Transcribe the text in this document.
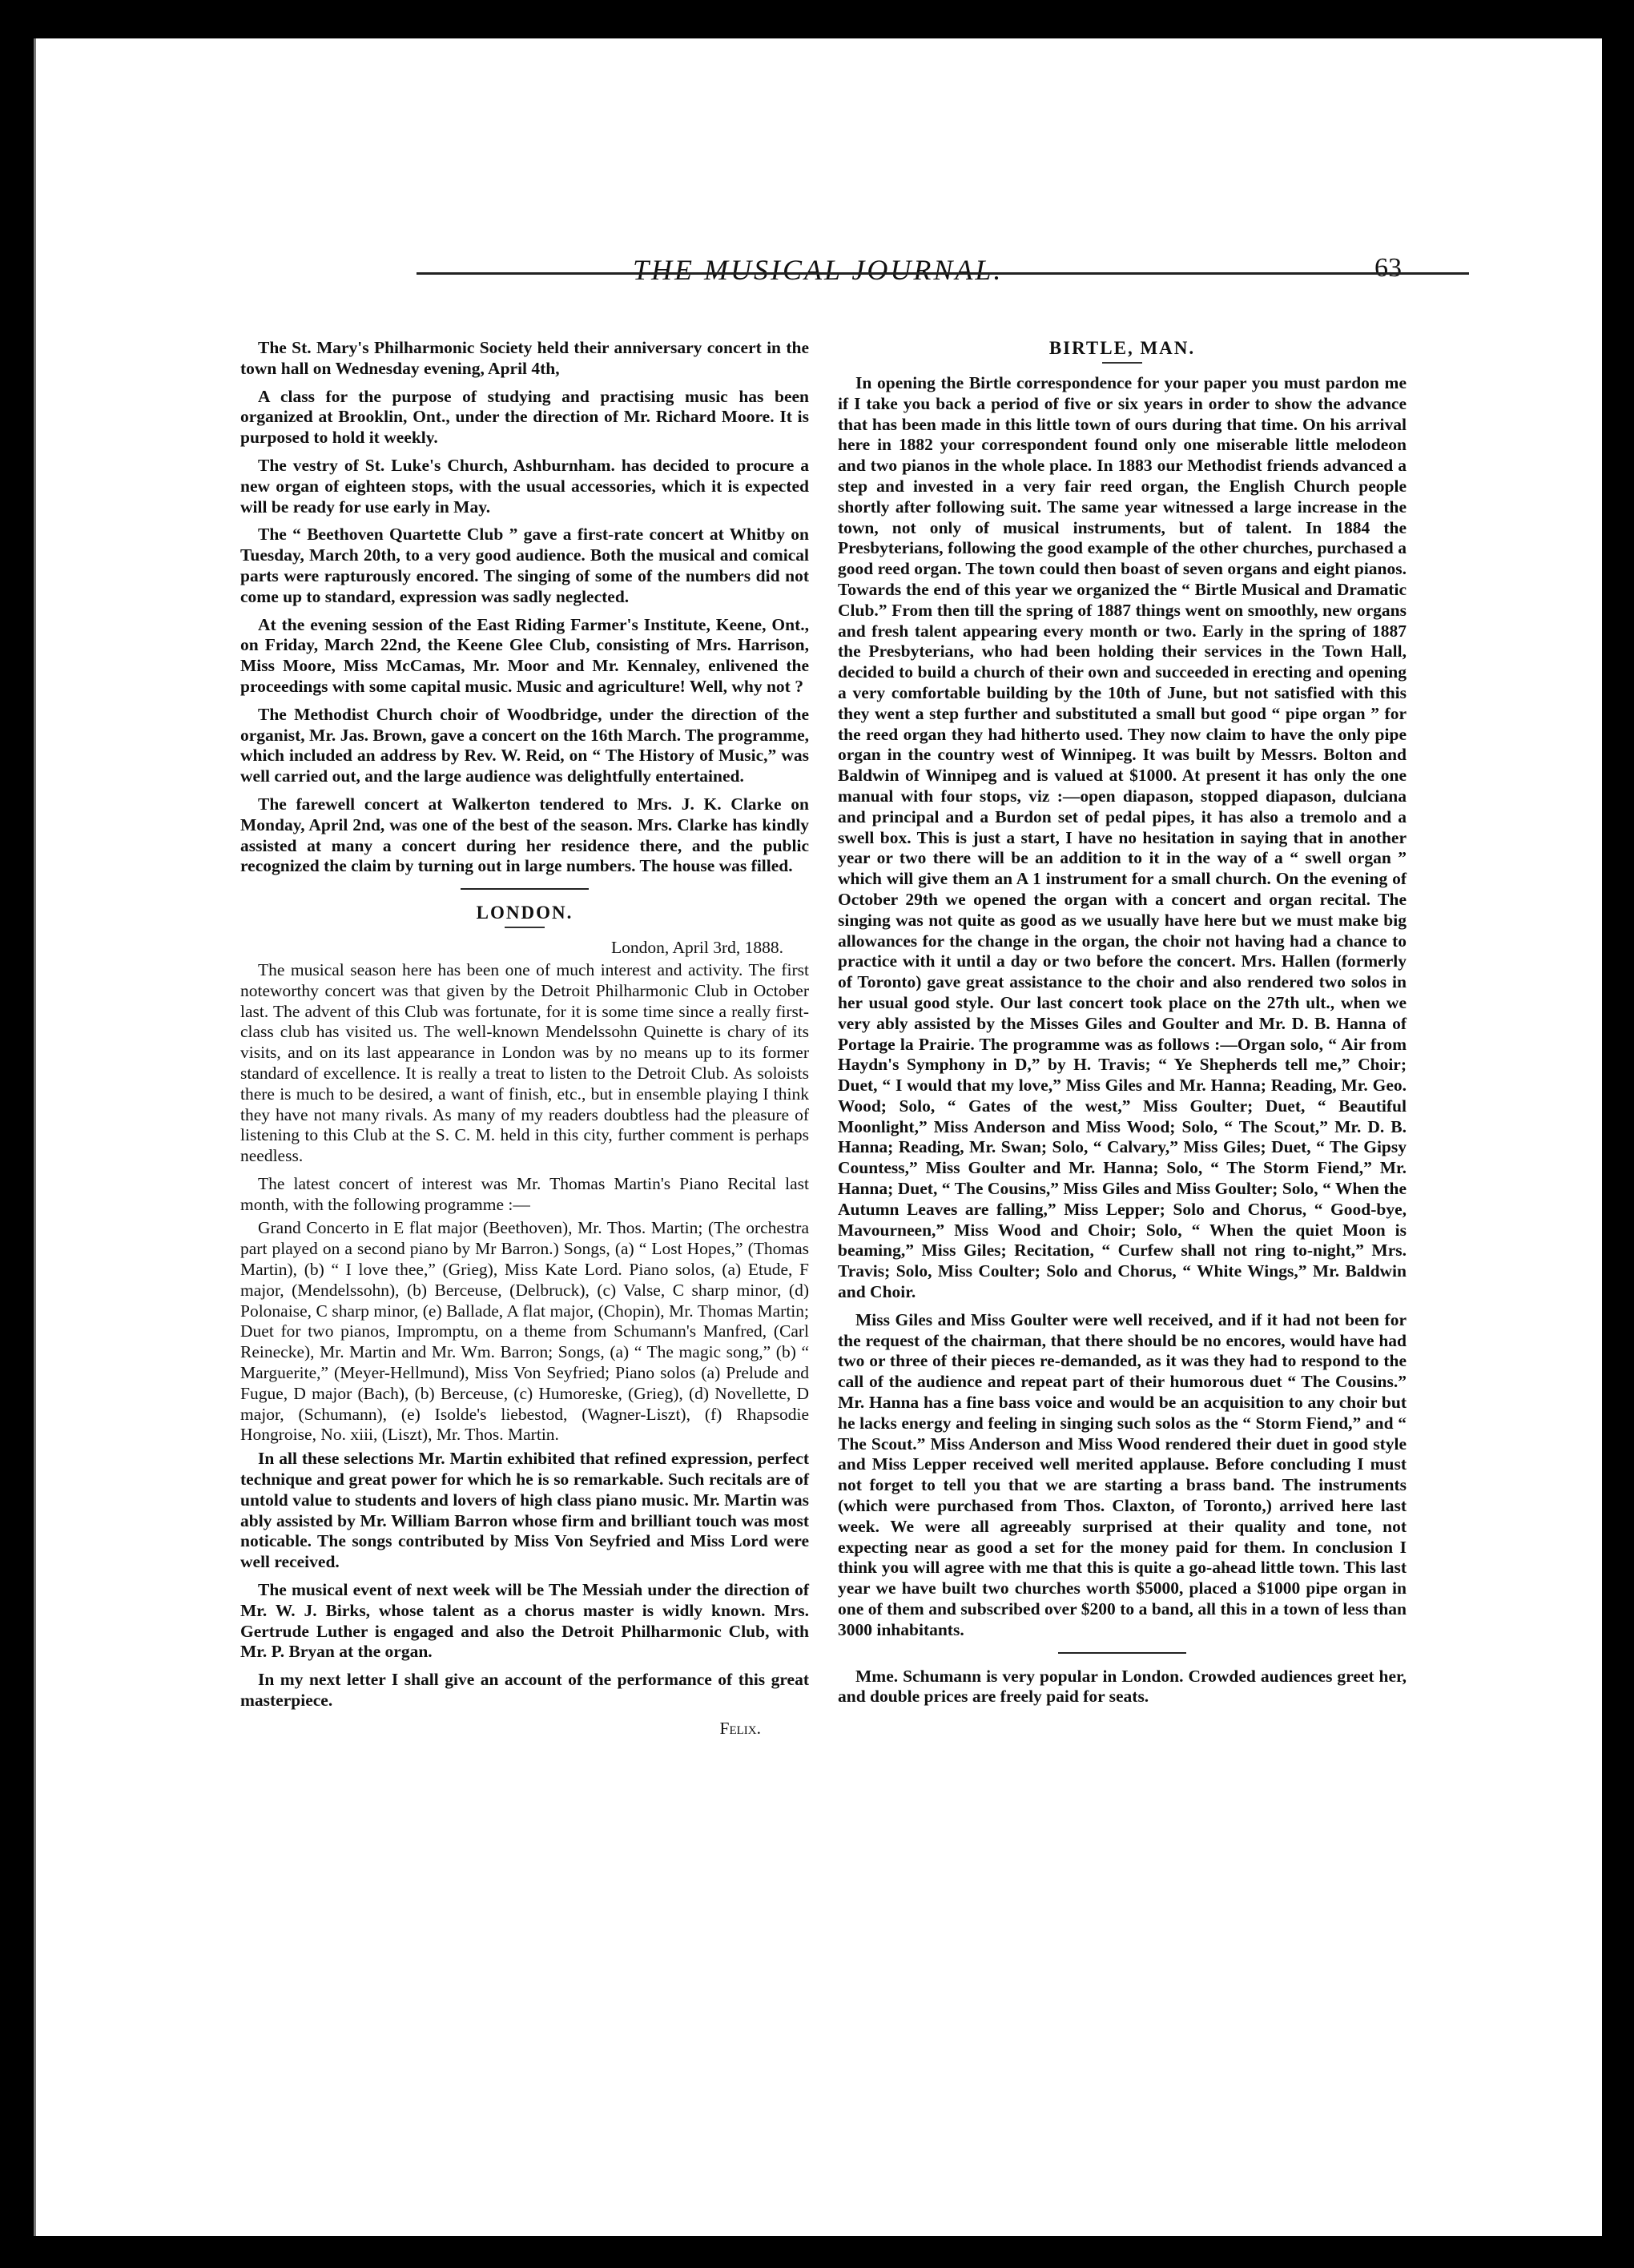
THE MUSICAL JOURNAL.	63

The St. Mary's Philharmonic Society held their anniversary concert in the town hall on Wednesday evening, April 4th,

A class for the purpose of studying and practising music has been organized at Brooklin, Ont., under the direction of Mr. Richard Moore. It is purposed to hold it weekly.

The vestry of St. Luke's Church, Ashburnham. has decided to procure a new organ of eighteen stops, with the usual accessories, which it is expected will be ready for use early in May.

The “ Beethoven Quartette Club ” gave a first-rate concert at Whitby on Tuesday, March 20th, to a very good audience. Both the musical and comical parts were rapturously encored. The singing of some of the numbers did not come up to standard, expression was sadly neglected.

At the evening session of the East Riding Farmer's Institute, Keene, Ont., on Friday, March 22nd, the Keene Glee Club, consisting of Mrs. Harrison, Miss Moore, Miss McCamas, Mr. Moor and Mr. Kennaley, enlivened the proceedings with some capital music. Music and agriculture! Well, why not ?

The Methodist Church choir of Woodbridge, under the direction of the organist, Mr. Jas. Brown, gave a concert on the 16th March. The programme, which included an address by Rev. W. Reid, on “ The History of Music,” was well carried out, and the large audience was delightfully entertained.

The farewell concert at Walkerton tendered to Mrs. J. K. Clarke on Monday, April 2nd, was one of the best of the season. Mrs. Clarke has kindly assisted at many a concert during her residence there, and the public recognized the claim by turning out in large numbers. The house was filled.

LONDON.

London, April 3rd, 1888.

The musical season here has been one of much interest and activity. The first noteworthy concert was that given by the Detroit Philharmonic Club in October last. The advent of this Club was fortunate, for it is some time since a really first-class club has visited us. The well-known Mendelssohn Quinette is chary of its visits, and on its last appearance in London was by no means up to its former standard of excellence. It is really a treat to listen to the Detroit Club. As soloists there is much to be desired, a want of finish, etc., but in ensemble playing I think they have not many rivals. As many of my readers doubtless had the pleasure of listening to this Club at the S. C. M. held in this city, further comment is perhaps needless.

The latest concert of interest was Mr. Thomas Martin's Piano Recital last month, with the following programme :—

Grand Concerto in E flat major (Beethoven), Mr. Thos. Martin; (The orchestra part played on a second piano by Mr Barron.) Songs, (a) “ Lost Hopes,” (Thomas Martin), (b) “ I love thee,” (Grieg), Miss Kate Lord. Piano solos, (a) Etude, F major, (Mendelssohn), (b) Berceuse, (Delbruck), (c) Valse, C sharp minor, (d) Polonaise, C sharp minor, (e) Ballade, A flat major, (Chopin), Mr. Thomas Martin; Duet for two pianos, Impromptu, on a theme from Schumann's Manfred, (Carl Reinecke), Mr. Martin and Mr. Wm. Barron; Songs, (a) “ The magic song,” (b) “ Marguerite,” (Meyer-Hellmund), Miss Von Seyfried; Piano solos (a) Prelude and Fugue, D major (Bach), (b) Berceuse, (c) Humoreske, (Grieg), (d) Novellette, D major, (Schumann), (e) Isolde's liebestod, (Wagner-Liszt), (f) Rhapsodie Hongroise, No. xiii, (Liszt), Mr. Thos. Martin.

In all these selections Mr. Martin exhibited that refined expression, perfect technique and great power for which he is so remarkable. Such recitals are of untold value to students and lovers of high class piano music. Mr. Martin was ably assisted by Mr. William Barron whose firm and brilliant touch was most noticable. The songs contributed by Miss Von Seyfried and Miss Lord were well received.

The musical event of next week will be The Messiah under the direction of Mr. W. J. Birks, whose talent as a chorus master is widly known. Mrs. Gertrude Luther is engaged and also the Detroit Philharmonic Club, with Mr. P. Bryan at the organ.

In my next letter I shall give an account of the performance of this great masterpiece.

Felix.

BIRTLE, MAN.

In opening the Birtle correspondence for your paper you must pardon me if I take you back a period of five or six years in order to show the advance that has been made in this little town of ours during that time. On his arrival here in 1882 your correspondent found only one miserable little melodeon and two pianos in the whole place. In 1883 our Methodist friends advanced a step and invested in a very fair reed organ, the English Church people shortly after following suit. The same year witnessed a large increase in the town, not only of musical instruments, but of talent. In 1884 the Presbyterians, following the good example of the other churches, purchased a good reed organ. The town could then boast of seven organs and eight pianos. Towards the end of this year we organized the “ Birtle Musical and Dramatic Club.” From then till the spring of 1887 things went on smoothly, new organs and fresh talent appearing every month or two. Early in the spring of 1887 the Presbyterians, who had been holding their services in the Town Hall, decided to build a church of their own and succeeded in erecting and opening a very comfortable building by the 10th of June, but not satisfied with this they went a step further and substituted a small but good “ pipe organ ” for the reed organ they had hitherto used. They now claim to have the only pipe organ in the country west of Winnipeg. It was built by Messrs. Bolton and Baldwin of Winnipeg and is valued at $1000. At present it has only the one manual with four stops, viz :—open diapason, stopped diapason, dulciana and principal and a Burdon set of pedal pipes, it has also a tremolo and a swell box. This is just a start, I have no hesitation in saying that in another year or two there will be an addition to it in the way of a “ swell organ ” which will give them an A 1 instrument for a small church. On the evening of October 29th we opened the organ with a concert and organ recital. The singing was not quite as good as we usually have here but we must make big allowances for the change in the organ, the choir not having had a chance to practice with it until a day or two before the concert. Mrs. Hallen (formerly of Toronto) gave great assistance to the choir and also rendered two solos in her usual good style. Our last concert took place on the 27th ult., when we very ably assisted by the Misses Giles and Goulter and Mr. D. B. Hanna of Portage la Prairie. The programme was as follows :—Organ solo, “ Air from Haydn's Symphony in D,” by H. Travis; “ Ye Shepherds tell me,” Choir; Duet, “ I would that my love,” Miss Giles and Mr. Hanna; Reading, Mr. Geo. Wood; Solo, “ Gates of the west,” Miss Goulter; Duet, “ Beautiful Moonlight,” Miss Anderson and Miss Wood; Solo, “ The Scout,” Mr. D. B. Hanna; Reading, Mr. Swan; Solo, “ Calvary,” Miss Giles; Duet, “ The Gipsy Countess,” Miss Goulter and Mr. Hanna; Solo, “ The Storm Fiend,” Mr. Hanna; Duet, “ The Cousins,” Miss Giles and Miss Goulter; Solo, “ When the Autumn Leaves are falling,” Miss Lepper; Solo and Chorus, “ Good-bye, Mavourneen,” Miss Wood and Choir; Solo, “ When the quiet Moon is beaming,” Miss Giles; Recitation, “ Curfew shall not ring to-night,” Mrs. Travis; Solo, Miss Coulter; Solo and Chorus, “ White Wings,” Mr. Baldwin and Choir.

Miss Giles and Miss Goulter were well received, and if it had not been for the request of the chairman, that there should be no encores, would have had two or three of their pieces re-demanded, as it was they had to respond to the call of the audience and repeat part of their humorous duet “ The Cousins.” Mr. Hanna has a fine bass voice and would be an acquisition to any choir but he lacks energy and feeling in singing such solos as the “ Storm Fiend,” and “ The Scout.” Miss Anderson and Miss Wood rendered their duet in good style and Miss Lepper received well merited applause. Before concluding I must not forget to tell you that we are starting a brass band. The instruments (which were purchased from Thos. Claxton, of Toronto,) arrived here last week. We were all agreeably surprised at their quality and tone, not expecting near as good a set for the money paid for them. In conclusion I think you will agree with me that this is quite a go-ahead little town. This last year we have built two churches worth $5000, placed a $1000 pipe organ in one of them and subscribed over $200 to a band, all this in a town of less than 3000 inhabitants.

Mme. Schumann is very popular in London. Crowded audiences greet her, and double prices are freely paid for seats.
